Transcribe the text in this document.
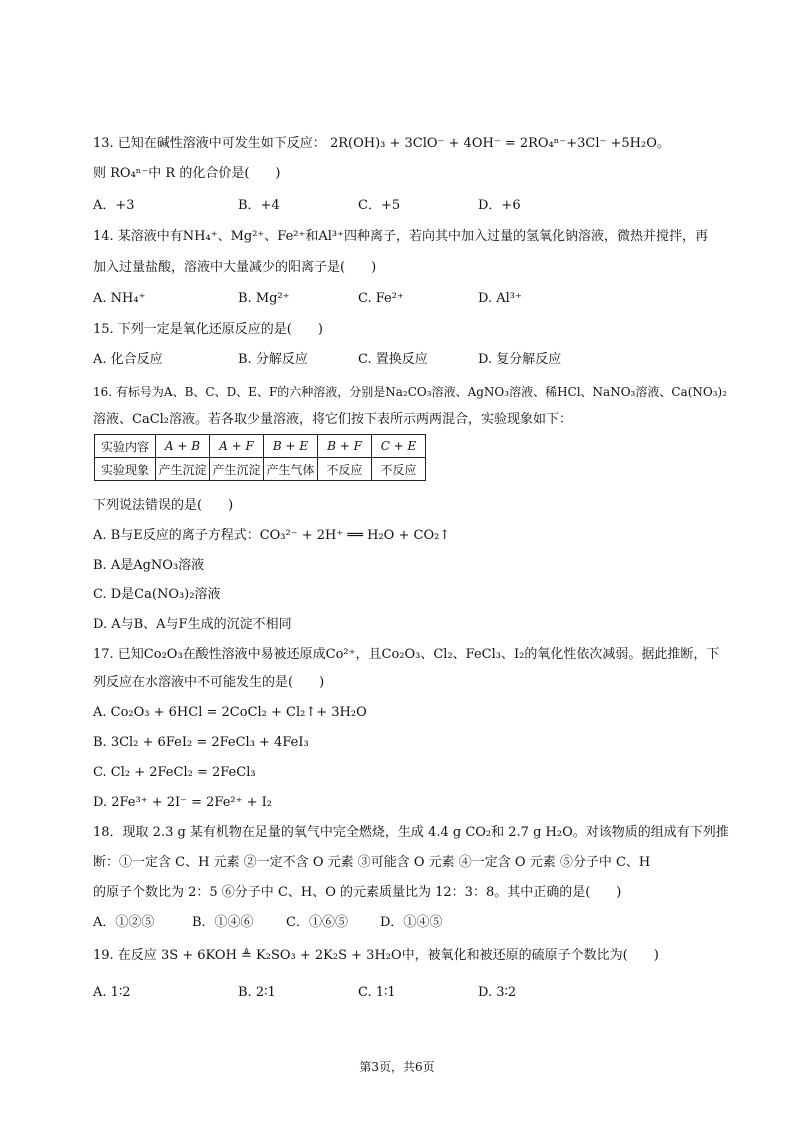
13. 已知在碱性溶液中可发生如下反应： 2R(OH)₃ + 3ClO⁻ + 4OH⁻ = 2RO₄ⁿ⁻+3Cl⁻ +5H₂O。
则 RO₄ⁿ⁻中 R 的化合价是(　　)
A．+3	B．+4	C．+5	D．+6
14. 某溶液中有NH₄⁺、Mg²⁺、Fe²⁺和Al³⁺四种离子，若向其中加入过量的氢氧化钠溶液，微热并搅拌，再
加入过量盐酸，溶液中大量减少的阳离子是(　　)
A. NH₄⁺	B. Mg²⁺	C. Fe²⁺	D. Al³⁺
15. 下列一定是氧化还原反应的是(　　)
A. 化合反应	B. 分解反应	C. 置换反应	D. 复分解反应
16. 有标号为A、B、C、D、E、F的六种溶液，分别是Na₂CO₃溶液、AgNO₃溶液、稀HCl、NaNO₃溶液、Ca(NO₃)₂
溶液、CaCl₂溶液。若各取少量溶液，将它们按下表所示两两混合，实验现象如下：
实验内容	A + B	A + F	B + E	B + F	C + E
实验现象	产生沉淀	产生沉淀	产生气体	不反应	不反应
下列说法错误的是(　　)
A. B与E反应的离子方程式：CO₃²⁻ + 2H⁺ ══ H₂O + CO₂↑
B. A是AgNO₃溶液
C. D是Ca(NO₃)₂溶液
D. A与B、A与F生成的沉淀不相同
17. 已知Co₂O₃在酸性溶液中易被还原成Co²⁺，且Co₂O₃、Cl₂、FeCl₃、I₂的氧化性依次减弱。据此推断，下
列反应在水溶液中不可能发生的是(　　)
A. Co₂O₃ + 6HCl = 2CoCl₂ + Cl₂↑+ 3H₂O
B. 3Cl₂ + 6FeI₂ = 2FeCl₃ + 4FeI₃
C. Cl₂ + 2FeCl₂ = 2FeCl₃
D. 2Fe³⁺ + 2I⁻ = 2Fe²⁺ + I₂
18．现取 2.3 g 某有机物在足量的氧气中完全燃烧，生成 4.4 g CO₂和 2.7 g H₂O。对该物质的组成有下列推
断：①一定含 C、H 元素 ②一定不含 O 元素 ③可能含 O 元素 ④一定含 O 元素 ⑤分子中 C、H
的原子个数比为 2：5 ⑥分子中 C、H、O 的元素质量比为 12：3：8。其中正确的是(　　)
A．①②⑤	B．①④⑥ C．①⑥⑤ D．①④⑤
19. 在反应 3S + 6KOH ≜ K₂SO₃ + 2K₂S + 3H₂O中，被氧化和被还原的硫原子个数比为(　　)
A. 1∶2	B. 2∶1	C. 1∶1	D. 3∶2
第3页，共6页
